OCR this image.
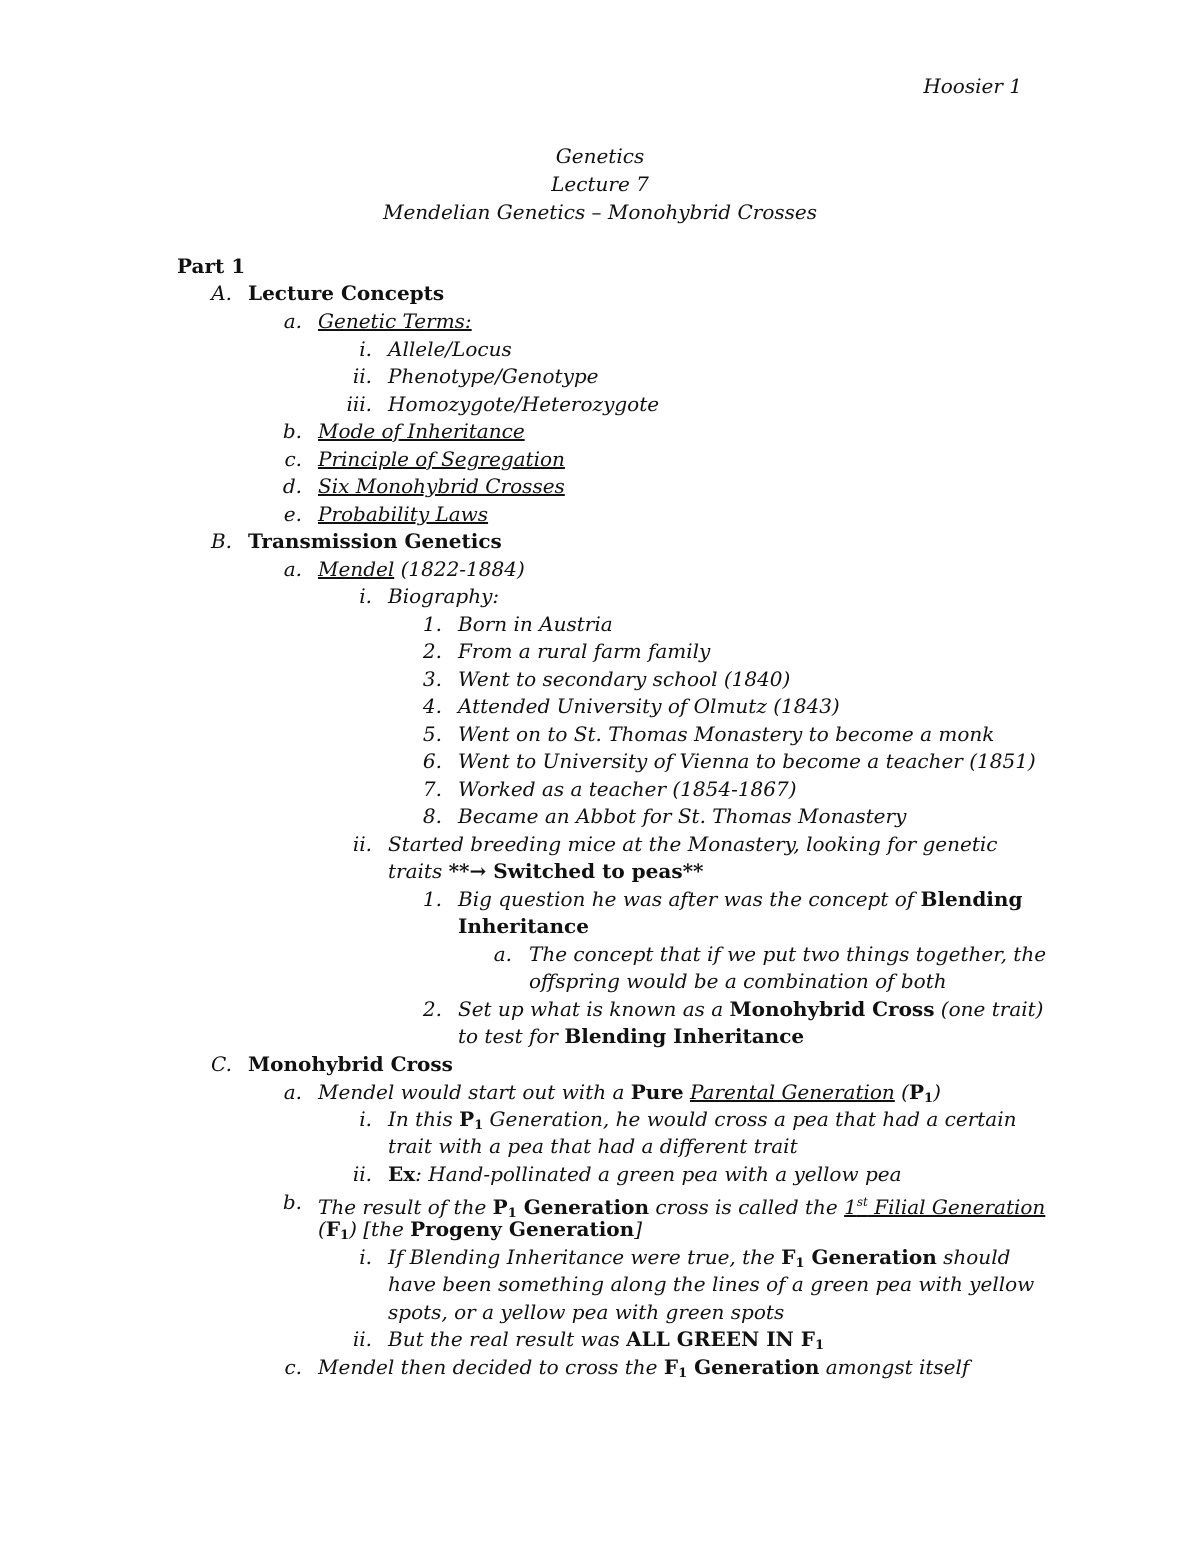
Hoosier 1
Genetics
Lecture 7
Mendelian Genetics – Monohybrid Crosses
Part 1
A. Lecture Concepts
a. Genetic Terms:
i. Allele/Locus
ii. Phenotype/Genotype
iii. Homozygote/Heterozygote
b. Mode of Inheritance
c. Principle of Segregation
d. Six Monohybrid Crosses
e. Probability Laws
B. Transmission Genetics
a. Mendel (1822-1884)
i. Biography:
1. Born in Austria
2. From a rural farm family
3. Went to secondary school (1840)
4. Attended University of Olmutz (1843)
5. Went on to St. Thomas Monastery to become a monk
6. Went to University of Vienna to become a teacher (1851)
7. Worked as a teacher (1854-1867)
8. Became an Abbot for St. Thomas Monastery
ii. Started breeding mice at the Monastery, looking for genetic
traits **→ Switched to peas**
1. Big question he was after was the concept of Blending
Inheritance
a. The concept that if we put two things together, the
offspring would be a combination of both
2. Set up what is known as a Monohybrid Cross (one trait)
to test for Blending Inheritance
C. Monohybrid Cross
a. Mendel would start out with a Pure Parental Generation $(P_1)$
i. In this $P_1$ Generation, he would cross a pea that had a certain
trait with a pea that had a different trait
ii. Ex: Hand-pollinated a green pea with a yellow pea
b. The result of the $P_1$ Generation cross is called the 1st Filial Generation
$(F_1)$ [the Progeny Generation]
i. If Blending Inheritance were true, the $F_1$ Generation should
have been something along the lines of a green pea with yellow
spots, or a yellow pea with green spots
ii. But the real result was ALL GREEN IN $F_1$
c. Mendel then decided to cross the $F_1$ Generation amongst itself
